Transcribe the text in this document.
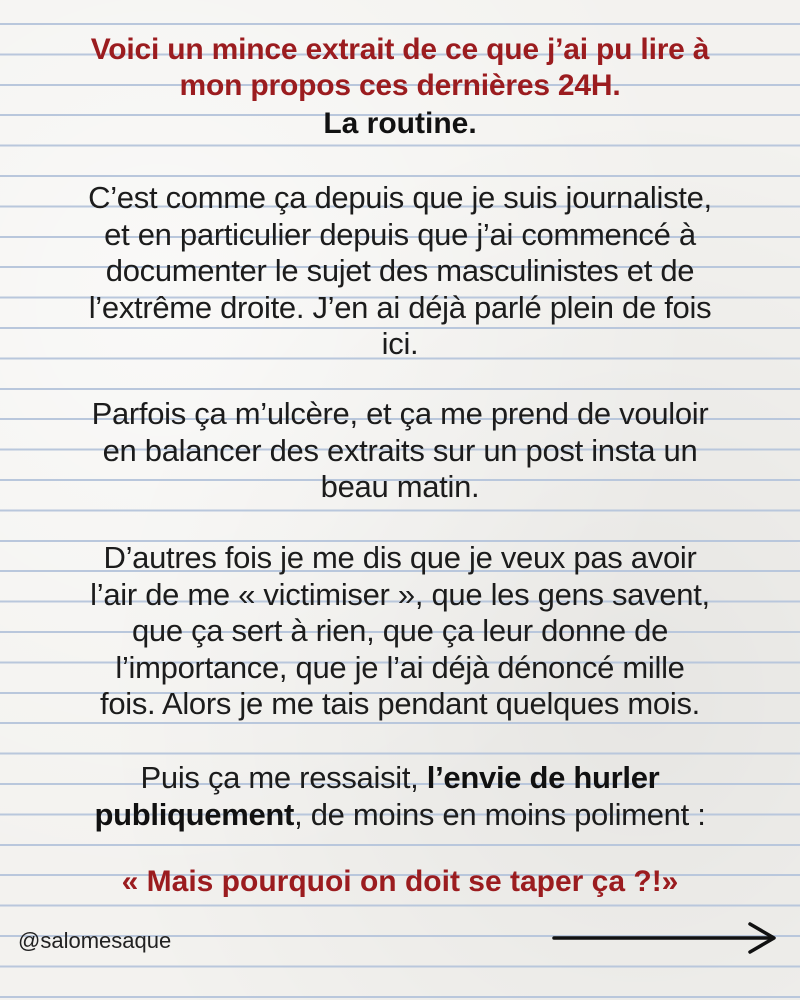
Voici un mince extrait de ce que j’ai pu lire à
mon propos ces dernières 24H.
La routine.
C’est comme ça depuis que je suis journaliste,
et en particulier depuis que j’ai commencé à
documenter le sujet des masculinistes et de
l’extrême droite. J’en ai déjà parlé plein de fois
ici.
Parfois ça m’ulcère, et ça me prend de vouloir
en balancer des extraits sur un post insta un
beau matin.
D’autres fois je me dis que je veux pas avoir
l’air de me « victimiser », que les gens savent,
que ça sert à rien, que ça leur donne de
l’importance, que je l’ai déjà dénoncé mille
fois. Alors je me tais pendant quelques mois.
Puis ça me ressaisit, l’envie de hurler
publiquement, de moins en moins poliment :
« Mais pourquoi on doit se taper ça ?!»
@salomesaque
